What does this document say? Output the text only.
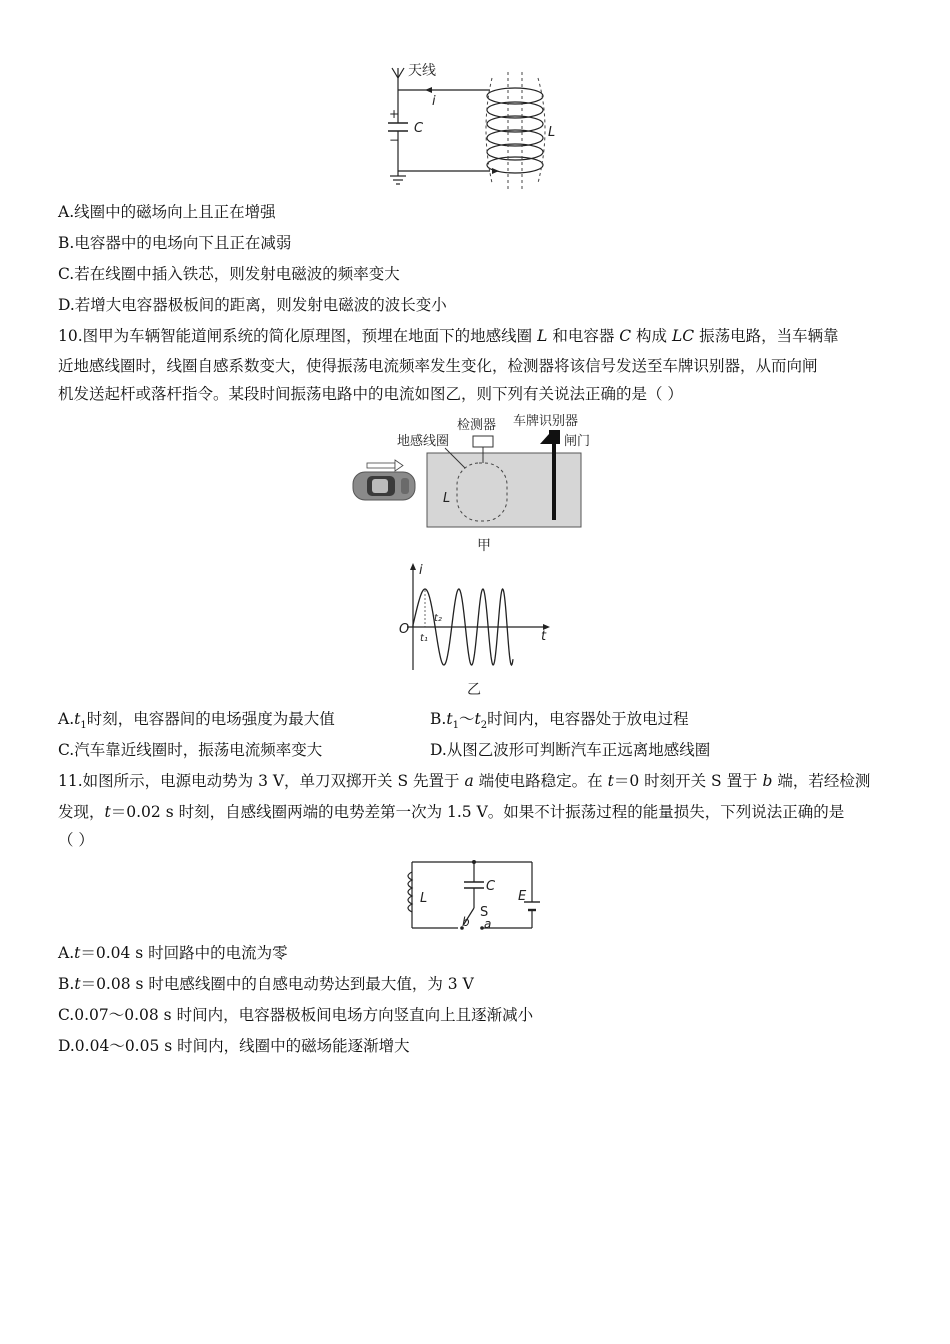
天线
i
+
C
−	L
A.线圈中的磁场向上且正在增强
B.电容器中的电场向下且正在减弱
C.若在线圈中插入铁芯，则发射电磁波的频率变大
D.若增大电容器极板间的距离，则发射电磁波的波长变小
10.图甲为车辆智能道闸系统的简化原理图，预埋在地面下的地感线圈 L 和电容器 C 构成 LC 振荡电路，当车辆靠
近地感线圈时，线圈自感系数变大，使得振荡电流频率发生变化，检测器将该信号发送至车牌识别器，从而向闸
机发送起杆或落杆指令。某段时间振荡电路中的电流如图乙，则下列有关说法正确的是（ ）
L
检测器
地感线圈
车牌识别器
闸门
甲
i
O	t
t₁
t₂
乙
$A.t_1$时刻，电容器间的电场强度为最大值	$B.t_1\sim t_2$时间内，电容器处于放电过程
C.汽车靠近线圈时，振荡电流频率变大	D.从图乙波形可判断汽车正远离地感线圈
11.如图所示，电源电动势为 3 V，单刀双掷开关 S 先置于 a 端使电路稳定。在 t＝0 时刻开关 S 置于 b 端，若经检测
发现，t＝0.02 s 时刻，自感线圈两端的电势差第一次为 1.5 V。如果不计振荡过程的能量损失，下列说法正确的是
（ ）
L
C
S
b a
E
A.t＝0.04 s 时回路中的电流为零
B.t＝0.08 s 时电感线圈中的自感电动势达到最大值，为 3 V
C.0.07～0.08 s 时间内，电容器极板间电场方向竖直向上且逐渐减小
D.0.04～0.05 s 时间内，线圈中的磁场能逐渐增大
